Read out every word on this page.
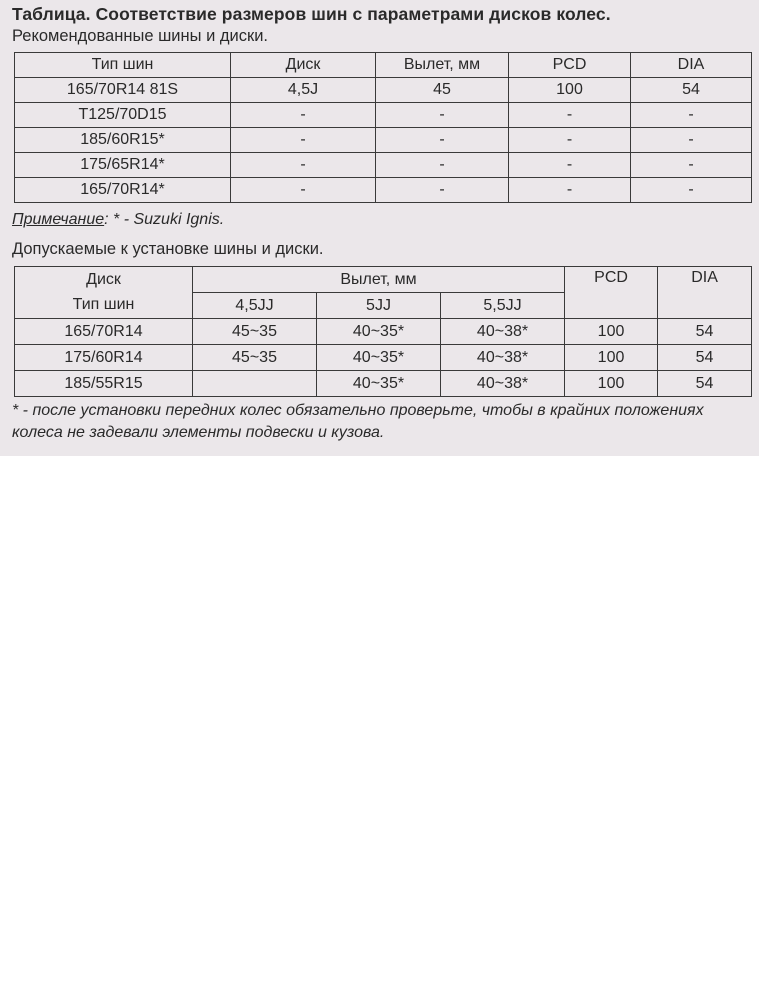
Таблица. Соответствие размеров шин с параметрами дисков колес.
Рекомендованные шины и диски.
Тип шин	Диск	Вылет, мм	PCD	DIA
165/70R14 81S	4,5J	45	100	54
T125/70D15	-	-	-	-
185/60R15*	-	-	-	-
175/65R14*	-	-	-	-
165/70R14*	-	-	-	-
Примечание: * - Suzuki Ignis.
Допускаемые к установке шины и диски.
Диск	Вылет, мм			PCD	DIA
Тип шин	4,5JJ	5JJ	5,5JJ		
165/70R14	45~35	40~35*	40~38*	100	54
175/60R14	45~35	40~35*	40~38*	100	54
185/55R15		40~35*	40~38*	100	54
* - после установки передних колес обязательно проверьте, чтобы в крайних положениях колеса не задевали элементы подвески и кузова.
